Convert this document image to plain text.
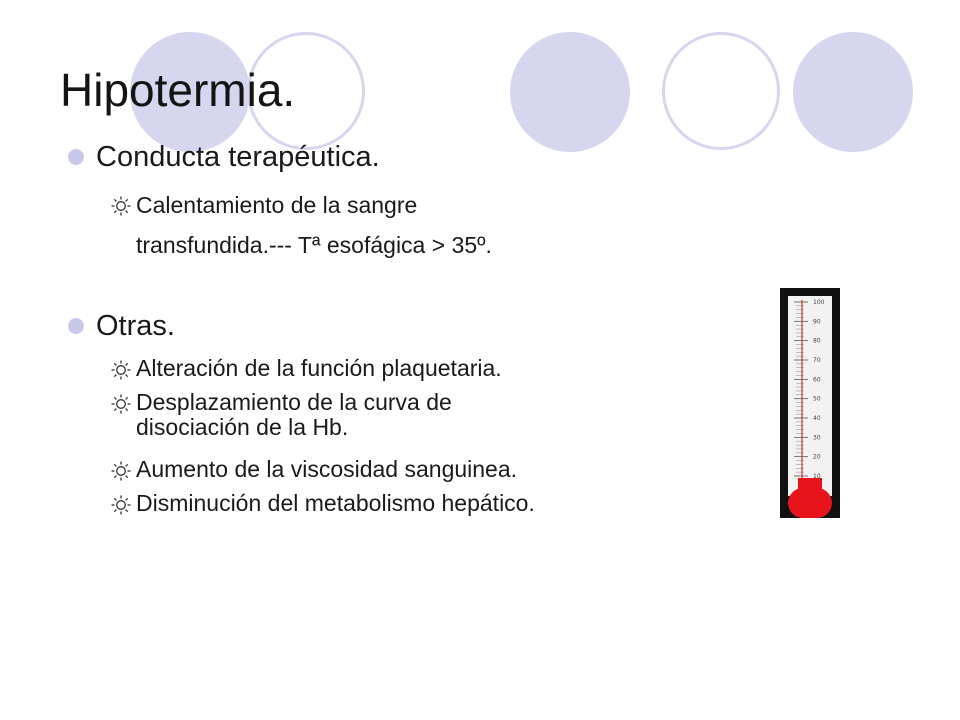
Hipotermia.
Conducta terapéutica.
Calentamiento de la sangre
transfundida.--- Tª esofágica > 35º.
Otras.
Alteración de la función plaquetaria.
Desplazamiento de la curva de
disociación de la Hb.
Aumento de la viscosidad sanguinea.
Disminución del metabolismo hepático.
100
90
80
70
60
50
40
30
20
10
